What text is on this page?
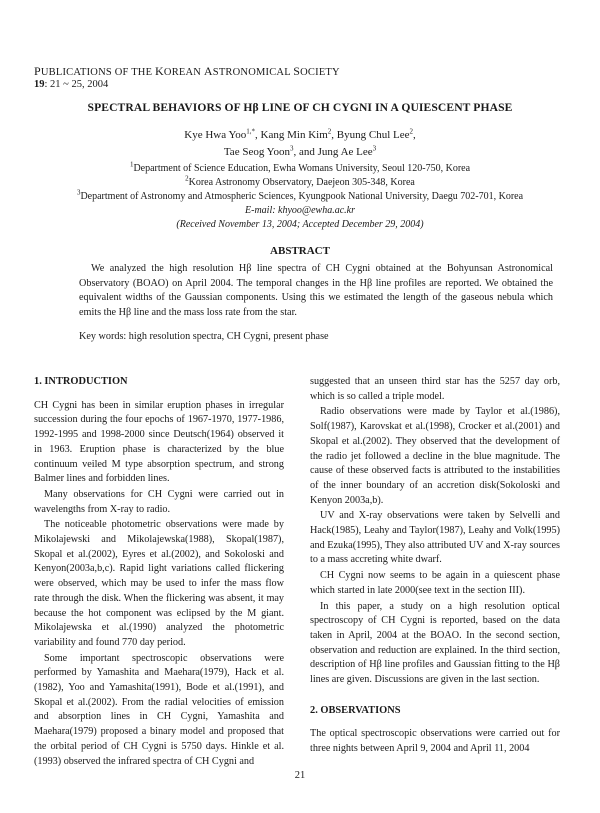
PUBLICATIONS OF THE KOREAN ASTRONOMICAL SOCIETY
19: 21 ~ 25, 2004
SPECTRAL BEHAVIORS OF Hβ LINE OF CH CYGNI IN A QUIESCENT PHASE
Kye Hwa Yoo$^{1,*}$, Kang Min Kim$^2$, Byung Chul Lee$^2$,
Tae Seog Yoon$^3$, and Jung Ae Lee$^3$
$^1$Department of Science Education, Ewha Womans University, Seoul 120-750, Korea
$^2$Korea Astronomy Observatory, Daejeon 305-348, Korea
$^3$Department of Astronomy and Atmospheric Sciences, Kyungpook National University, Daegu 702-701, Korea
E-mail: khyoo@ewha.ac.kr
(Received November 13, 2004; Accepted December 29, 2004)
ABSTRACT

We analyzed the high resolution Hβ line spectra of CH Cygni obtained at the Bohyunsan Astronomical Observatory (BOAO) on April 2004. The temporal changes in the Hβ line profiles are reported. We obtained the equivalent widths of the Gaussian components. Using this we estimated the length of the gaseous nebula which emits the Hβ line and the mass loss rate from the star.

Key words: high resolution spectra, CH Cygni, present phase
1. INTRODUCTION

CH Cygni has been in similar eruption phases in irregular succession during the four epochs of 1967-1970, 1977-1986, 1992-1995 and 1998-2000 since Deutsch(1964) observed it in 1963. Eruption phase is characterized by the blue continuum veiled M type absorption spectrum, and strong Balmer lines and forbidden lines.

Many observations for CH Cygni were carried out in wavelengths from X-ray to radio.

The noticeable photometric observations were made by Mikolajewski and Mikolajewska(1988), Skopal(1987), Skopal et al.(2002), Eyres et al.(2002), and Sokoloski and Kenyon(2003a,b,c). Rapid light variations called flickering were observed, which may be used to infer the mass flow rate through the disk. When the flickering was absent, it may because the hot component was eclipsed by the M giant. Mikolajewska et al.(1990) analyzed the photometric variability and found 770 day period.

Some important spectroscopic observations were performed by Yamashita and Maehara(1979), Hack et al.(1982), Yoo and Yamashita(1991), Bode et al.(1991), and Skopal et al.(2002). From the radial velocities of emission and absorption lines in CH Cygni, Yamashita and Maehara(1979) proposed a binary model and proposed that the orbital period of CH Cygni is 5750 days. Hinkle et al.(1993) observed the infrared spectra of CH Cygni and

suggested that an unseen third star has the 5257 day orb, which is so called a triple model.

Radio observations were made by Taylor et al.(1986), Solf(1987), Karovskat et al.(1998), Crocker et al.(2001) and Skopal et al.(2002). They observed that the development of the radio jet followed a decline in the blue magnitude. The cause of these observed facts is attributed to the instabilities of the inner boundary of an accretion disk(Sokoloski and Kenyon 2003a,b).

UV and X-ray observations were taken by Selvelli and Hack(1985), Leahy and Taylor(1987), Leahy and Volk(1995) and Ezuka(1995), They also attributed UV and X-ray sources to a mass accreting white dwarf.

CH Cygni now seems to be again in a quiescent phase which started in late 2000(see text in the section III).

In this paper, a study on a high resolution optical spectroscopy of CH Cygni is reported, based on the data taken in April, 2004 at the BOAO. In the second section, observation and reduction are explained. In the third section, description of Hβ line profiles and Gaussian fitting to the Hβ lines are given. Discussions are given in the last section.

2. OBSERVATIONS

The optical spectroscopic observations were carried out for three nights between April 9, 2004 and April 11, 2004

21
